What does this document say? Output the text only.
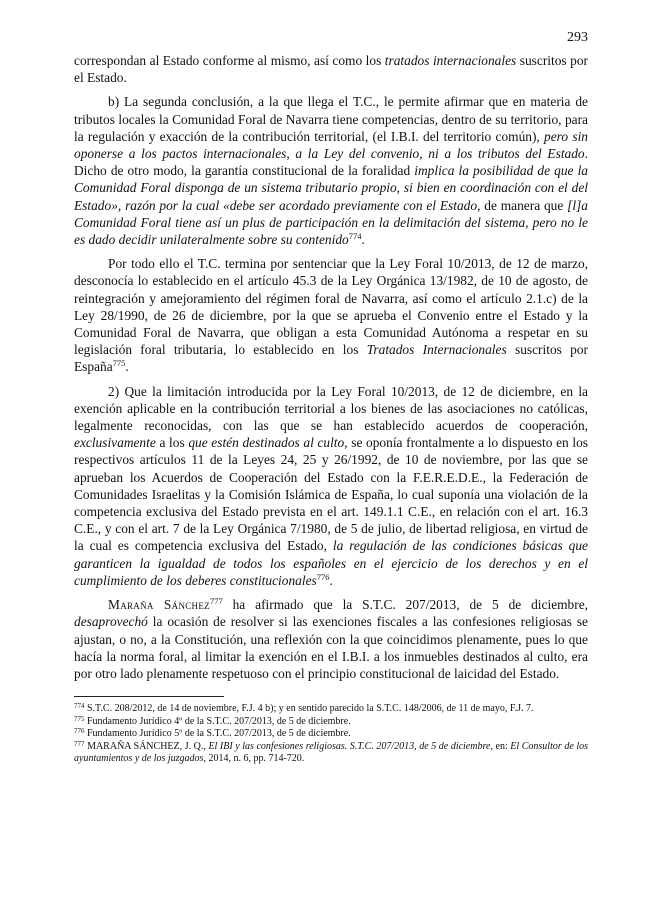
293

correspondan al Estado conforme al mismo, así como los tratados internacionales suscritos por el Estado.

b) La segunda conclusión, a la que llega el T.C., le permite afirmar que en materia de tributos locales la Comunidad Foral de Navarra tiene competencias, dentro de su territorio, para la regulación y exacción de la contribución territorial, (el I.B.I. del territorio común), pero sin oponerse a los pactos internacionales, a la Ley del convenio, ni a los tributos del Estado. Dicho de otro modo, la garantía constitucional de la foralidad implica la posibilidad de que la Comunidad Foral disponga de un sistema tributario propio, si bien en coordinación con el del Estado», razón por la cual «debe ser acordado previamente con el Estado, de manera que [l]a Comunidad Foral tiene así un plus de participación en la delimitación del sistema, pero no le es dado decidir unilateralmente sobre su contenido$^{774}$.

Por todo ello el T.C. termina por sentenciar que la Ley Foral 10/2013, de 12 de marzo, desconocía lo establecido en el artículo 45.3 de la Ley Orgánica 13/1982, de 10 de agosto, de reintegración y amejoramiento del régimen foral de Navarra, así como el artículo 2.1.c) de la Ley 28/1990, de 26 de diciembre, por la que se aprueba el Convenio entre el Estado y la Comunidad Foral de Navarra, que obligan a esta Comunidad Autónoma a respetar en su legislación foral tributaria, lo establecido en los Tratados Internacionales suscritos por España$^{775}$.

2) Que la limitación introducida por la Ley Foral 10/2013, de 12 de diciembre, en la exención aplicable en la contribución territorial a los bienes de las asociaciones no católicas, legalmente reconocidas, con las que se han establecido acuerdos de cooperación, exclusivamente a los que estén destinados al culto, se oponía frontalmente a lo dispuesto en los respectivos artículos 11 de la Leyes 24, 25 y 26/1992, de 10 de noviembre, por las que se aprueban los Acuerdos de Cooperación del Estado con la F.E.R.E.D.E., la Federación de Comunidades Israelitas y la Comisión Islámica de España, lo cual suponía una violación de la competencia exclusiva del Estado prevista en el art. 149.1.1 C.E., en relación con el art. 16.3 C.E., y con el art. 7 de la Ley Orgánica 7/1980, de 5 de julio, de libertad religiosa, en virtud de la cual es competencia exclusiva del Estado, la regulación de las condiciones básicas que garanticen la igualdad de todos los españoles en el ejercicio de los derechos y en el cumplimiento de los deberes constitucionales$^{776}$.

Maraña Sánchez$^{777}$ ha afirmado que la S.T.C. 207/2013, de 5 de diciembre, desaprovechó la ocasión de resolver si las exenciones fiscales a las confesiones religiosas se ajustan, o no, a la Constitución, una reflexión con la que coincidimos plenamente, pues lo que hacía la norma foral, al limitar la exención en el I.B.I. a los inmuebles destinados al culto, era por otro lado plenamente respetuoso con el principio constitucional de laicidad del Estado.

$^{774}$ S.T.C. 208/2012, de 14 de noviembre, F.J. 4 b); y en sentido parecido la S.T.C. 148/2006, de 11 de mayo, F.J. 7.
$^{775}$ Fundamento Jurídico 4º de la S.T.C. 207/2013, de 5 de diciembre.
$^{776}$ Fundamento Jurídico 5º de la S.T.C. 207/2013, de 5 de diciembre.
$^{777}$ MARAÑA SÁNCHEZ, J. Q., El IBI y las confesiones religiosas. S.T.C. 207/2013, de 5 de diciembre, en: El Consultor de los ayuntamientos y de los juzgados, 2014, n. 6, pp. 714-720.
